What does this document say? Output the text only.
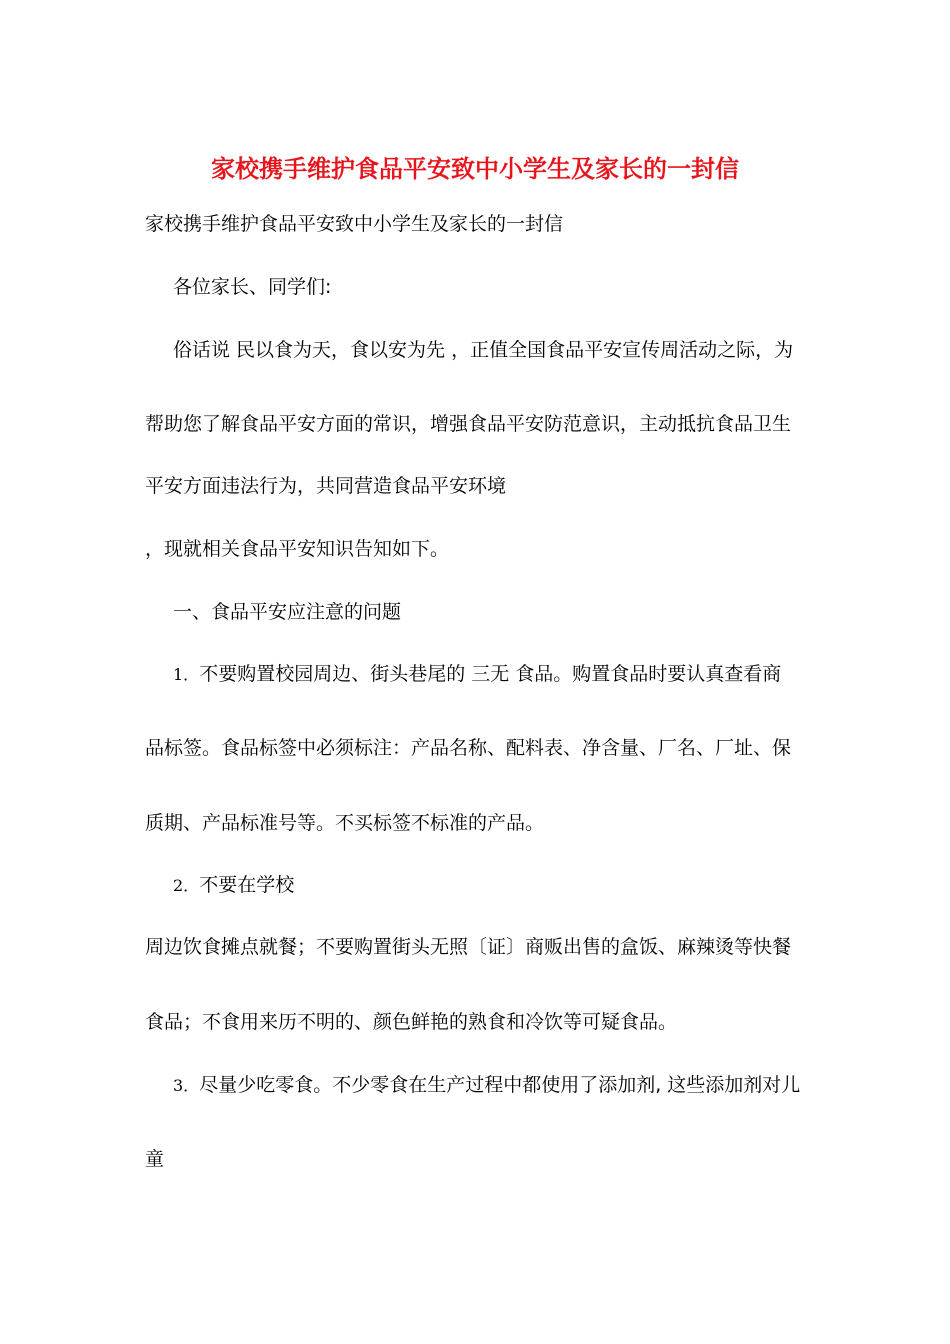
家校携手维护食品平安致中小学生及家长的一封信
家校携手维护食品平安致中小学生及家长的一封信
各位家长、同学们:
俗话说 民以食为天，食以安为先 ，正值全国食品平安宣传周活动之际，为
帮助您了解食品平安方面的常识，增强食品平安防范意识，主动抵抗食品卫生
平安方面违法行为，共同营造食品平安环境
，现就相关食品平安知识告知如下。
一、食品平安应注意的问题
1．不要购置校园周边、街头巷尾的 三无 食品。购置食品时要认真查看商
品标签。食品标签中必须标注：产品名称、配料表、净含量、厂名、厂址、保
质期、产品标准号等。不买标签不标准的产品。
2．不要在学校
周边饮食摊点就餐；不要购置街头无照〔证〕商贩出售的盒饭、麻辣烫等快餐
食品；不食用来历不明的、颜色鲜艳的熟食和冷饮等可疑食品。
3．尽量少吃零食。不少零食在生产过程中都使用了添加剂, 这些添加剂对儿
童
